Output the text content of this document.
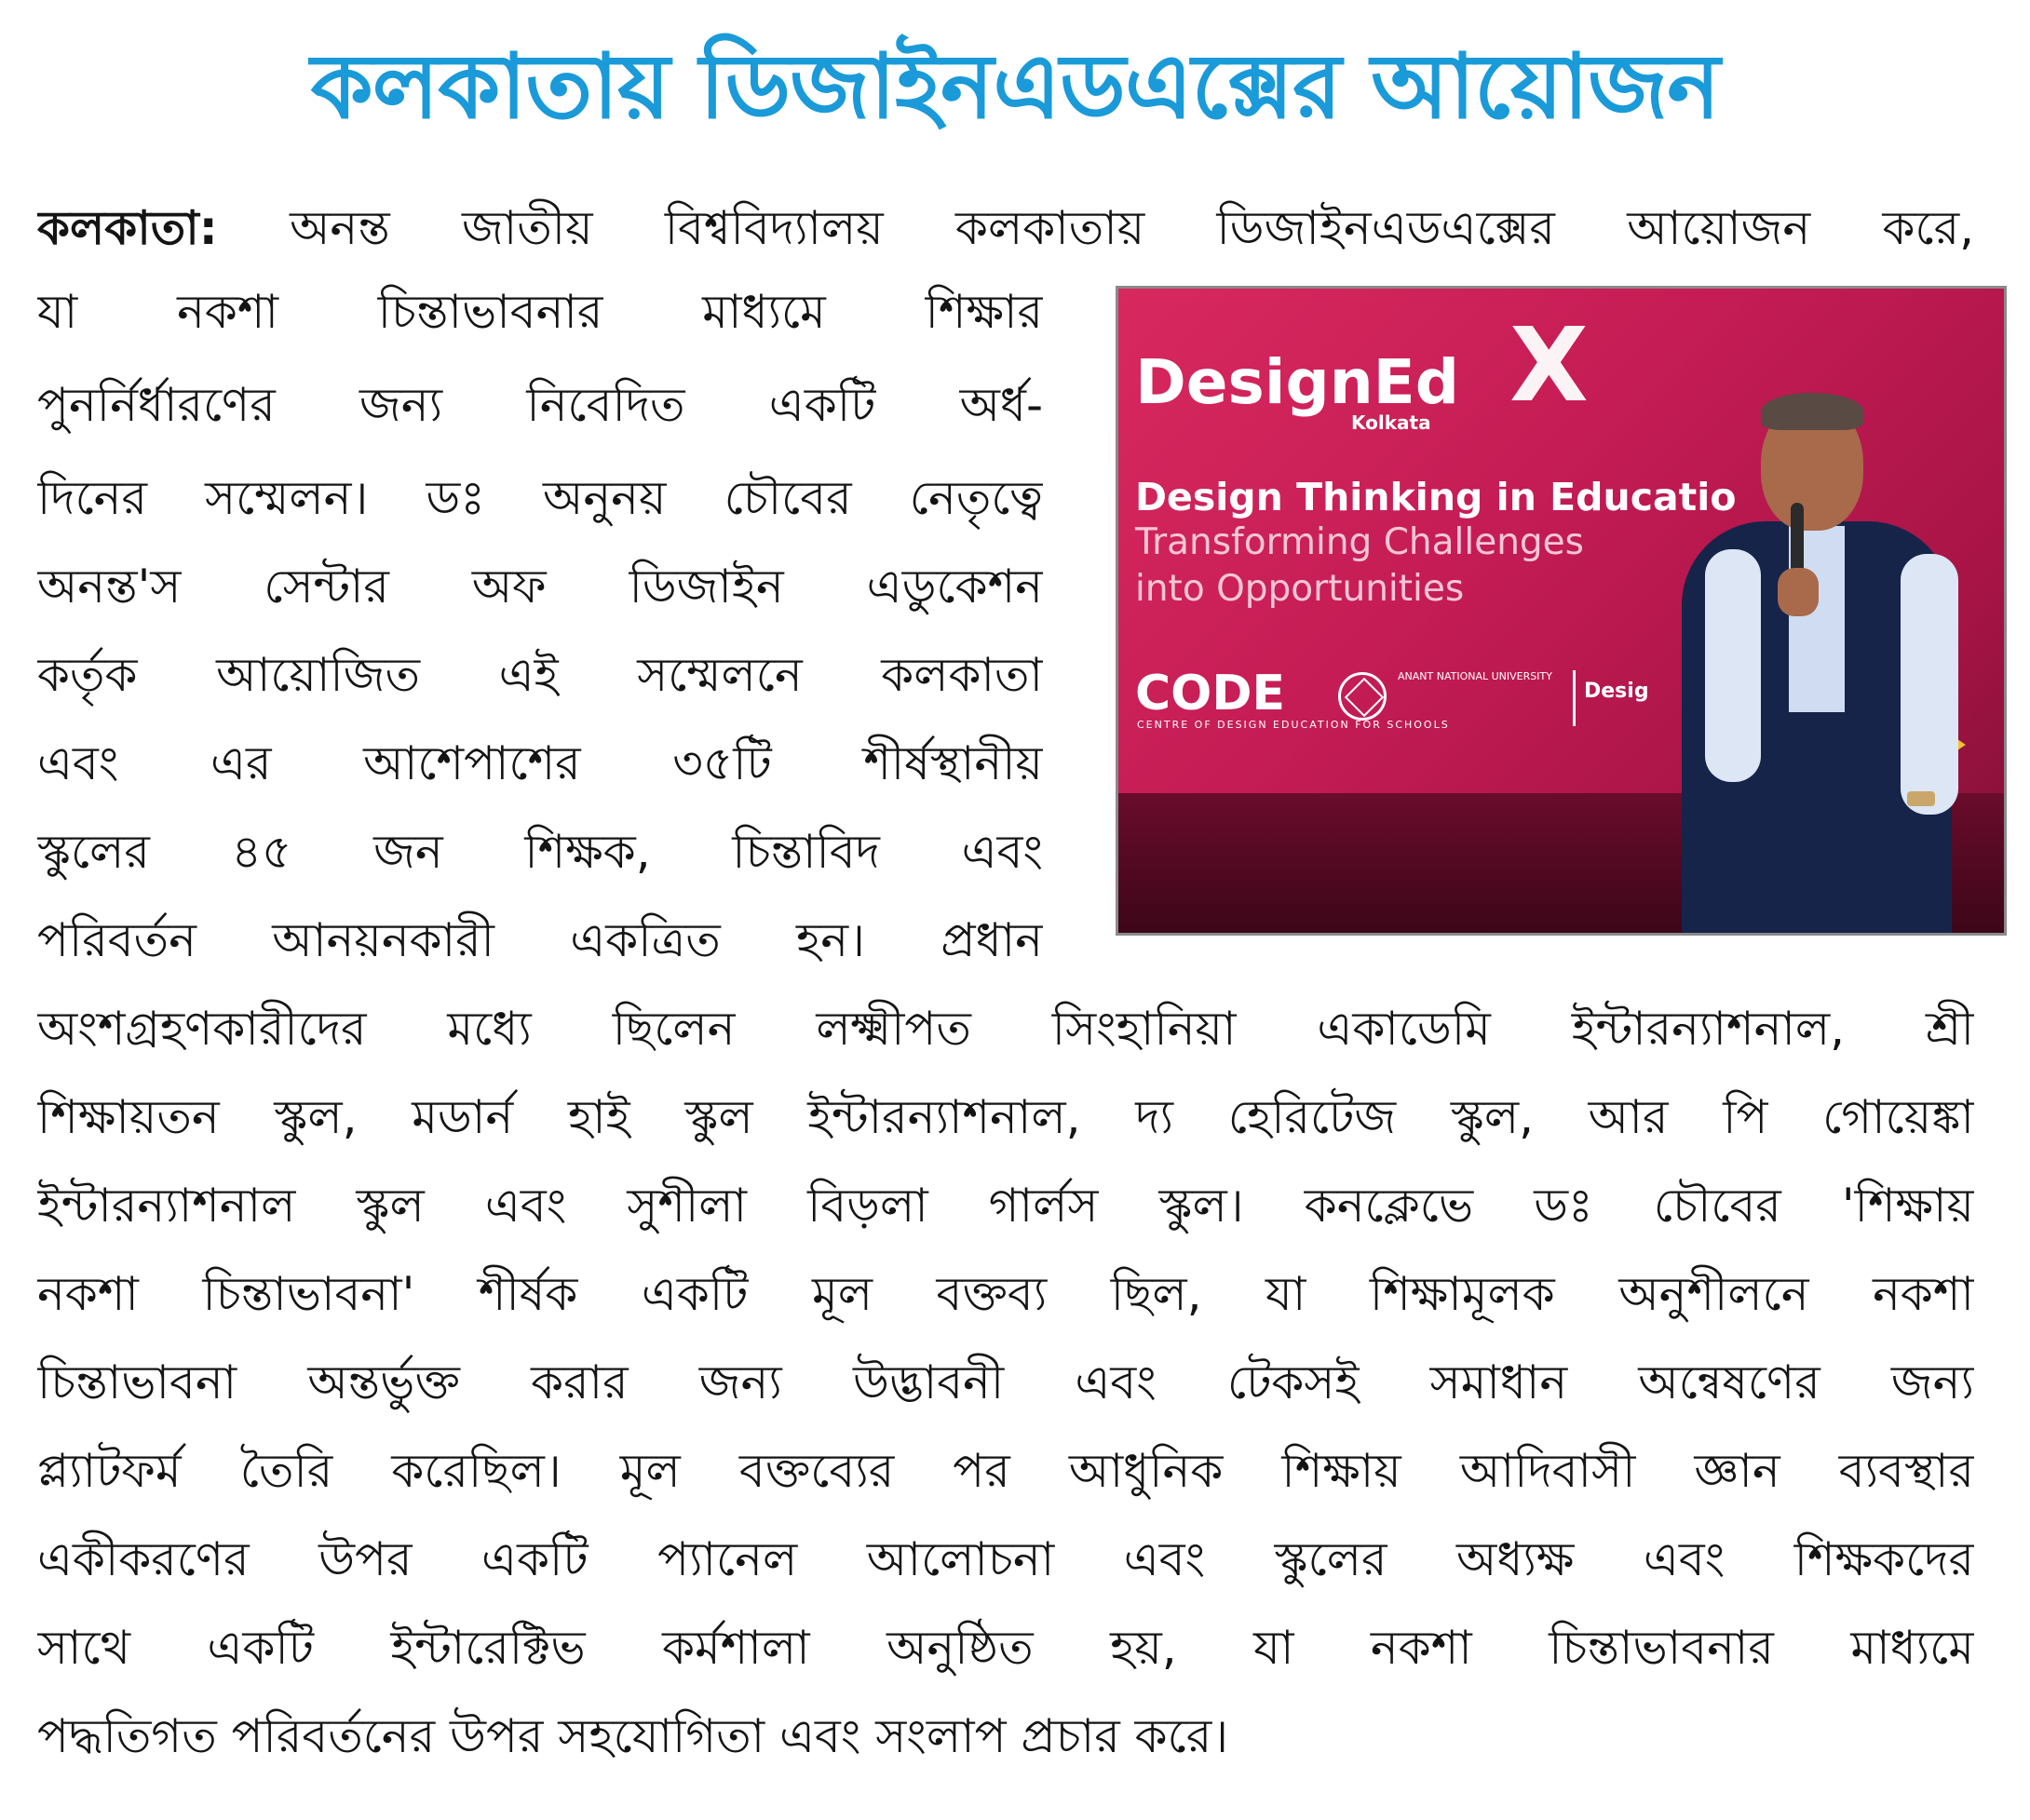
কলকাতায় ডিজাইনএডএক্সের আয়োজন
কলকাতা: অনন্ত জাতীয় বিশ্ববিদ্যালয় কলকাতায় ডিজাইনএডএক্সের আয়োজন করে,
যা নকশা চিন্তাভাবনার মাধ্যমে শিক্ষার
পুনর্নির্ধারণের জন্য নিবেদিত একটি অর্ধ-
দিনের সম্মেলন। ডঃ অনুনয় চৌবের নেতৃত্বে
অনন্ত'স সেন্টার অফ ডিজাইন এডুকেশন
কর্তৃক আয়োজিত এই সম্মেলনে কলকাতা
এবং এর আশেপাশের ৩৫টি শীর্ষস্থানীয়
স্কুলের ৪৫ জন শিক্ষক, চিন্তাবিদ এবং
পরিবর্তন আনয়নকারী একত্রিত হন। প্রধান
অংশগ্রহণকারীদের মধ্যে ছিলেন লক্ষ্মীপত সিংহানিয়া একাডেমি ইন্টারন্যাশনাল, শ্রী
শিক্ষায়তন স্কুল, মডার্ন হাই স্কুল ইন্টারন্যাশনাল, দ্য হেরিটেজ স্কুল, আর পি গোয়েঙ্কা
ইন্টারন্যাশনাল স্কুল এবং সুশীলা বিড়লা গার্লস স্কুল। কনক্লেভে ডঃ চৌবের 'শিক্ষায়
নকশা চিন্তাভাবনা' শীর্ষক একটি মূল বক্তব্য ছিল, যা শিক্ষামূলক অনুশীলনে নকশা
চিন্তাভাবনা অন্তর্ভুক্ত করার জন্য উদ্ভাবনী এবং টেকসই সমাধান অন্বেষণের জন্য
প্ল্যাটফর্ম তৈরি করেছিল। মূল বক্তব্যের পর আধুনিক শিক্ষায় আদিবাসী জ্ঞান ব্যবস্থার
একীকরণের উপর একটি প্যানেল আলোচনা এবং স্কুলের অধ্যক্ষ এবং শিক্ষকদের
সাথে একটি ইন্টারেক্টিভ কর্মশালা অনুষ্ঠিত হয়, যা নকশা চিন্তাভাবনার মাধ্যমে
পদ্ধতিগত পরিবর্তনের উপর সহযোগিতা এবং সংলাপ প্রচার করে।
DesignEd X
Kolkata
Design Thinking in Educatio
Transforming Challenges
into Opportunities
CODE
CENTRE OF DESIGN EDUCATION FOR SCHOOLS
ANANT NATIONAL UNIVERSITY
Desig
